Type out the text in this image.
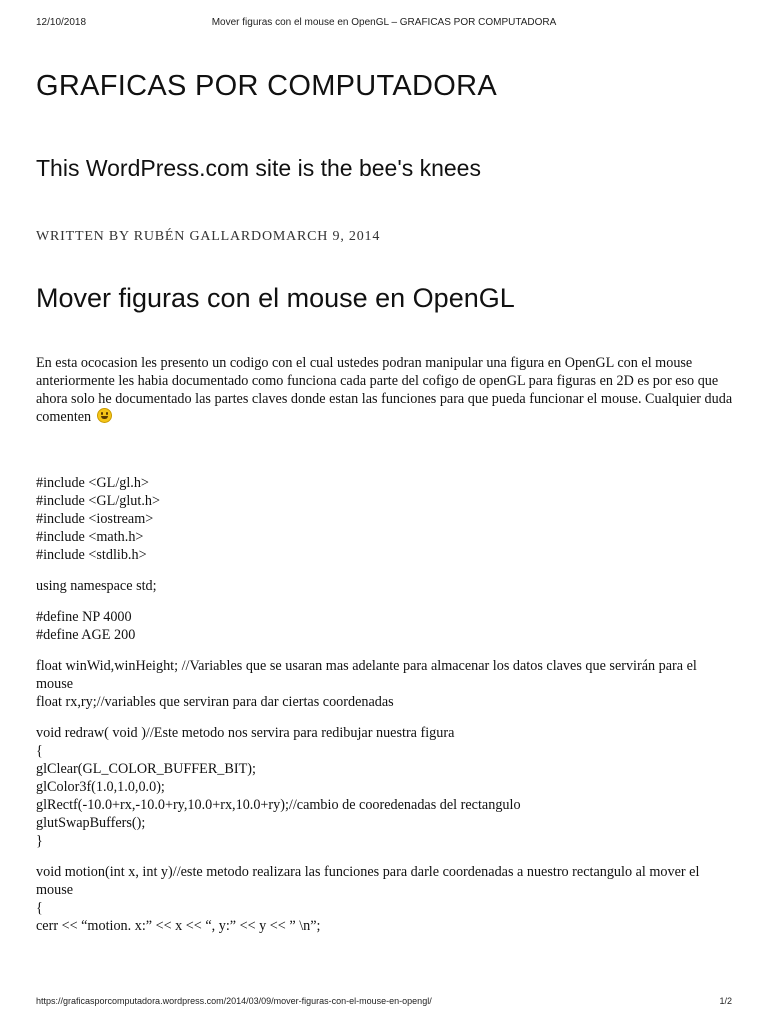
12/10/2018	Mover figuras con el mouse en OpenGL – GRAFICAS POR COMPUTADORA
GRAFICAS POR COMPUTADORA
This WordPress.com site is the bee's knees
WRITTEN BY RUBÉN GALLARDOMARCH 9, 2014
Mover figuras con el mouse en OpenGL

En esta ococasion les presento un codigo con el cual ustedes podran manipular una figura en OpenGL con el mouse anteriormente les habia documentado como funciona cada parte del cofigo de openGL para figuras en 2D es por eso que ahora solo he documentado las partes claves donde estan las funciones para que pueda funcionar el mouse. Cualquier duda comenten

#include <GL/gl.h>
#include <GL/glut.h>
#include <iostream>
#include <math.h>
#include <stdlib.h>

using namespace std;

#define NP 4000
#define AGE 200

float winWid,winHeight; //Variables que se usaran mas adelante para almacenar los datos claves que servirán para el mouse
float rx,ry;//variables que serviran para dar ciertas coordenadas

void redraw( void )//Este metodo nos servira para redibujar nuestra figura
{
glClear(GL_COLOR_BUFFER_BIT);
glColor3f(1.0,1.0,0.0);
glRectf(-10.0+rx,-10.0+ry,10.0+rx,10.0+ry);//cambio de cooredenadas del rectangulo
glutSwapBuffers();
}

void motion(int x, int y)//este metodo realizara las funciones para darle coordenadas a nuestro rectangulo al mover el mouse
{
cerr << “motion. x:” << x << “, y:” << y << ” \n”;

https://graficasporcomputadora.wordpress.com/2014/03/09/mover-figuras-con-el-mouse-en-opengl/	1/2
